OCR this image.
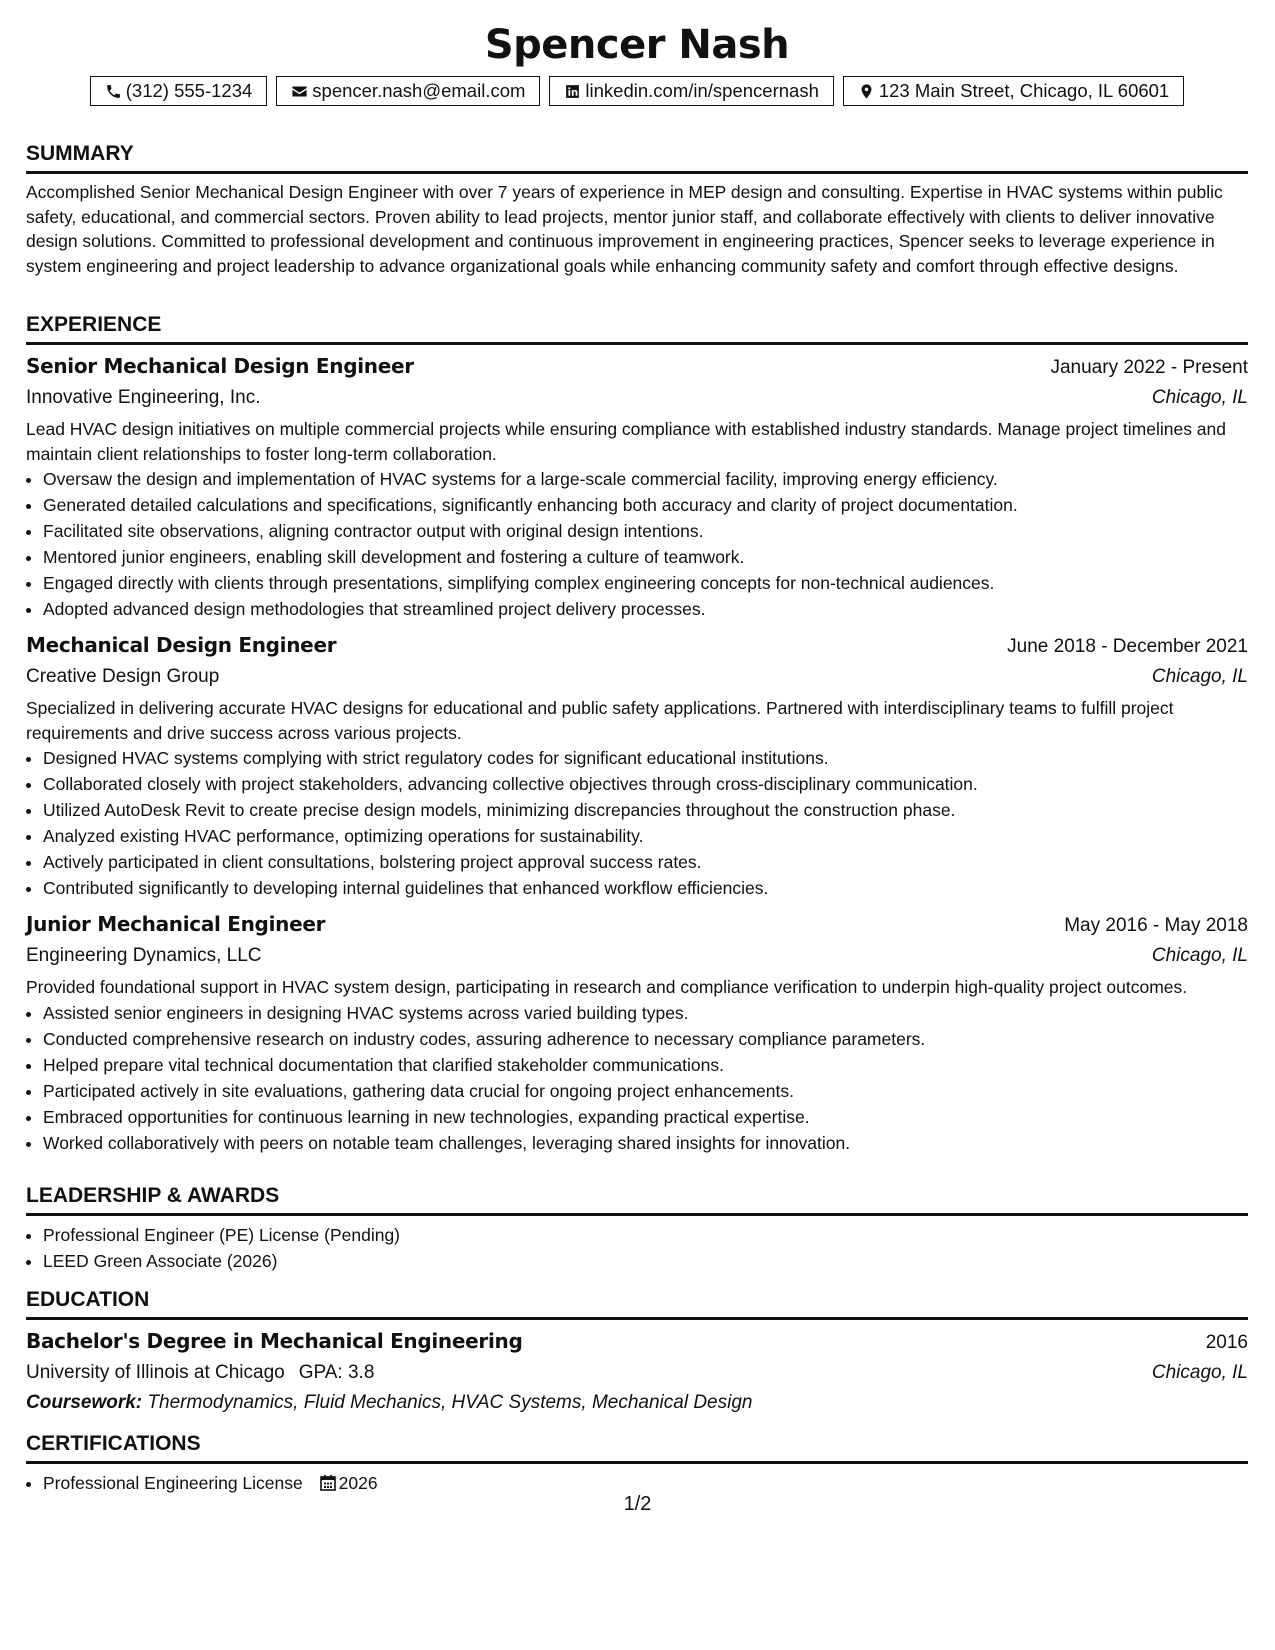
Spencer Nash
(312) 555-1234	spencer.nash@email.com	linkedin.com/in/spencernash	123 Main Street, Chicago, IL 60601
SUMMARY

Accomplished Senior Mechanical Design Engineer with over 7 years of experience in MEP design and consulting. Expertise in HVAC systems within public safety, educational, and commercial sectors. Proven ability to lead projects, mentor junior staff, and collaborate effectively with clients to deliver innovative design solutions. Committed to professional development and continuous improvement in engineering practices, Spencer seeks to leverage experience in system engineering and project leadership to advance organizational goals while enhancing community safety and comfort through effective designs.

EXPERIENCE
Senior Mechanical Design Engineer	January 2022 - Present
Innovative Engineering, Inc.	Chicago, IL

Lead HVAC design initiatives on multiple commercial projects while ensuring compliance with established industry standards. Manage project timelines and maintain client relationships to foster long-term collaboration.

• Oversaw the design and implementation of HVAC systems for a large-scale commercial facility, improving energy efficiency.
• Generated detailed calculations and specifications, significantly enhancing both accuracy and clarity of project documentation.
• Facilitated site observations, aligning contractor output with original design intentions.
• Mentored junior engineers, enabling skill development and fostering a culture of teamwork.
• Engaged directly with clients through presentations, simplifying complex engineering concepts for non-technical audiences.
• Adopted advanced design methodologies that streamlined project delivery processes.
Mechanical Design Engineer	June 2018 - December 2021
Creative Design Group	Chicago, IL

Specialized in delivering accurate HVAC designs for educational and public safety applications. Partnered with interdisciplinary teams to fulfill project requirements and drive success across various projects.

• Designed HVAC systems complying with strict regulatory codes for significant educational institutions.
• Collaborated closely with project stakeholders, advancing collective objectives through cross-disciplinary communication.
• Utilized AutoDesk Revit to create precise design models, minimizing discrepancies throughout the construction phase.
• Analyzed existing HVAC performance, optimizing operations for sustainability.
• Actively participated in client consultations, bolstering project approval success rates.
• Contributed significantly to developing internal guidelines that enhanced workflow efficiencies.
Junior Mechanical Engineer	May 2016 - May 2018
Engineering Dynamics, LLC	Chicago, IL

Provided foundational support in HVAC system design, participating in research and compliance verification to underpin high-quality project outcomes.

• Assisted senior engineers in designing HVAC systems across varied building types.
• Conducted comprehensive research on industry codes, assuring adherence to necessary compliance parameters.
• Helped prepare vital technical documentation that clarified stakeholder communications.
• Participated actively in site evaluations, gathering data crucial for ongoing project enhancements.
• Embraced opportunities for continuous learning in new technologies, expanding practical expertise.
• Worked collaboratively with peers on notable team challenges, leveraging shared insights for innovation.
LEADERSHIP & AWARDS
• Professional Engineer (PE) License (Pending)
• LEED Green Associate (2026)
EDUCATION
Bachelor's Degree in Mechanical Engineering	2016
University of Illinois at Chicago GPA: 3.8	Chicago, IL
Coursework: Thermodynamics, Fluid Mechanics, HVAC Systems, Mechanical Design
CERTIFICATIONS
• Professional Engineering License 2026
1/2
